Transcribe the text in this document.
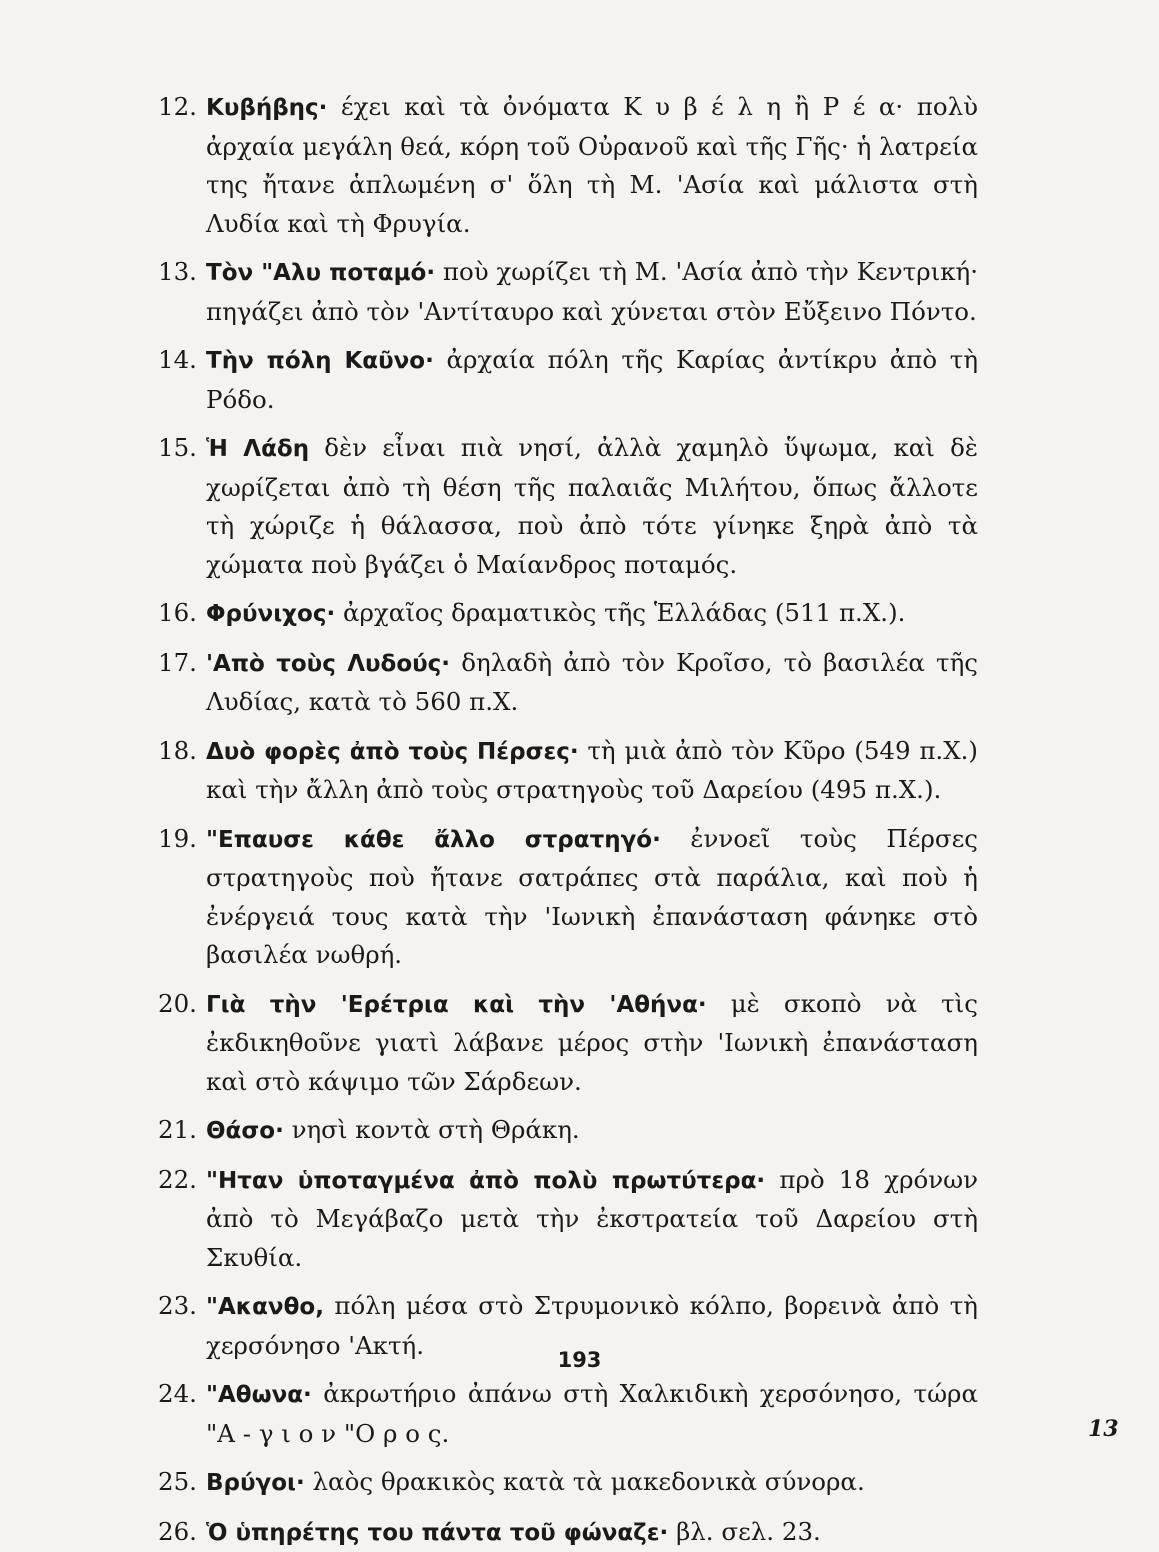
12. Κυβήβης· έχει καὶ τὰ ὀνόματα Κ υ β έ λ η ἢ Ρ έ α· πολὺ ἀρχαία μεγάλη θεά, κόρη τοῦ Οὐρανοῦ καὶ τῆς Γῆς· ἡ λατρεία της ἤτανε ἁπλωμένη σ' ὅλη τὴ Μ. 'Ασία καὶ μάλιστα στὴ Λυδία καὶ τὴ Φρυγία.
13. Τὸν "Αλυ ποταμό· ποὺ χωρίζει τὴ Μ. 'Ασία ἀπὸ τὴν Κεντρική· πηγάζει ἀπὸ τὸν 'Αντίταυρο καὶ χύνεται στὸν Εὔξεινο Πόντο.
14. Τὴν πόλη Καῦνο· ἀρχαία πόλη τῆς Καρίας ἀντίκρυ ἀπὸ τὴ Ρόδο.
15. Ἡ Λάδη δὲν εἶναι πιὰ νησί, ἀλλὰ χαμηλὸ ὕψωμα, καὶ δὲ χωρίζεται ἀπὸ τὴ θέση τῆς παλαιᾶς Μιλήτου, ὅπως ἄλλοτε τὴ χώριζε ἡ θάλασσα, ποὺ ἀπὸ τότε γίνηκε ξηρὰ ἀπὸ τὰ χώματα ποὺ βγάζει ὁ Μαίανδρος ποταμός.
16. Φρύνιχος· ἀρχαῖος δραματικὸς τῆς Ἑλλάδας (511 π.Χ.).
17. 'Απὸ τοὺς Λυδούς· δηλαδὴ ἀπὸ τὸν Κροῖσο, τὸ βασιλέα τῆς Λυδίας, κατὰ τὸ 560 π.Χ.
18. Δυὸ φορὲς ἀπὸ τοὺς Πέρσες· τὴ μιὰ ἀπὸ τὸν Κῦρο (549 π.Χ.) καὶ τὴν ἄλλη ἀπὸ τοὺς στρατηγοὺς τοῦ Δαρείου (495 π.Χ.).
19. "Επαυσε κάθε ἄλλο στρατηγό· ἐννοεῖ τοὺς Πέρσες στρατηγοὺς ποὺ ἤτανε σατράπες στὰ παράλια, καὶ ποὺ ἡ ἐνέργειά τους κατὰ τὴν 'Ιωνικὴ ἐπανάσταση φάνηκε στὸ βασιλέα νωθρή.
20. Γιὰ τὴν 'Ερέτρια καὶ τὴν 'Αθήνα· μὲ σκοπὸ νὰ τὶς ἐκδικηθοῦνε γιατὶ λάβανε μέρος στὴν 'Ιωνικὴ ἐπανάσταση καὶ στὸ κάψιμο τῶν Σάρδεων.
21. Θάσο· νησὶ κοντὰ στὴ Θράκη.
22. "Ηταν ὑποταγμένα ἀπὸ πολὺ πρωτύτερα· πρὸ 18 χρόνων ἀπὸ τὸ Μεγάβαζο μετὰ τὴν ἐκστρατεία τοῦ Δαρείου στὴ Σκυθία.
23. "Ακανθο, πόλη μέσα στὸ Στρυμονικὸ κόλπο, βορεινὰ ἀπὸ τὴ χερσόνησο 'Ακτή.
24. "Αθωνα· ἀκρωτήριο ἀπάνω στὴ Χαλκιδικὴ χερσόνησο, τώρα "Α - γ ι ο ν "Ο ρ ο ς.
25. Βρύγοι· λαὸς θρακικὸς κατὰ τὰ μακεδονικὰ σύνορα.
26. Ὁ ὑπηρέτης του πάντα τοῦ φώναζε· βλ. σελ. 23.
193
13
